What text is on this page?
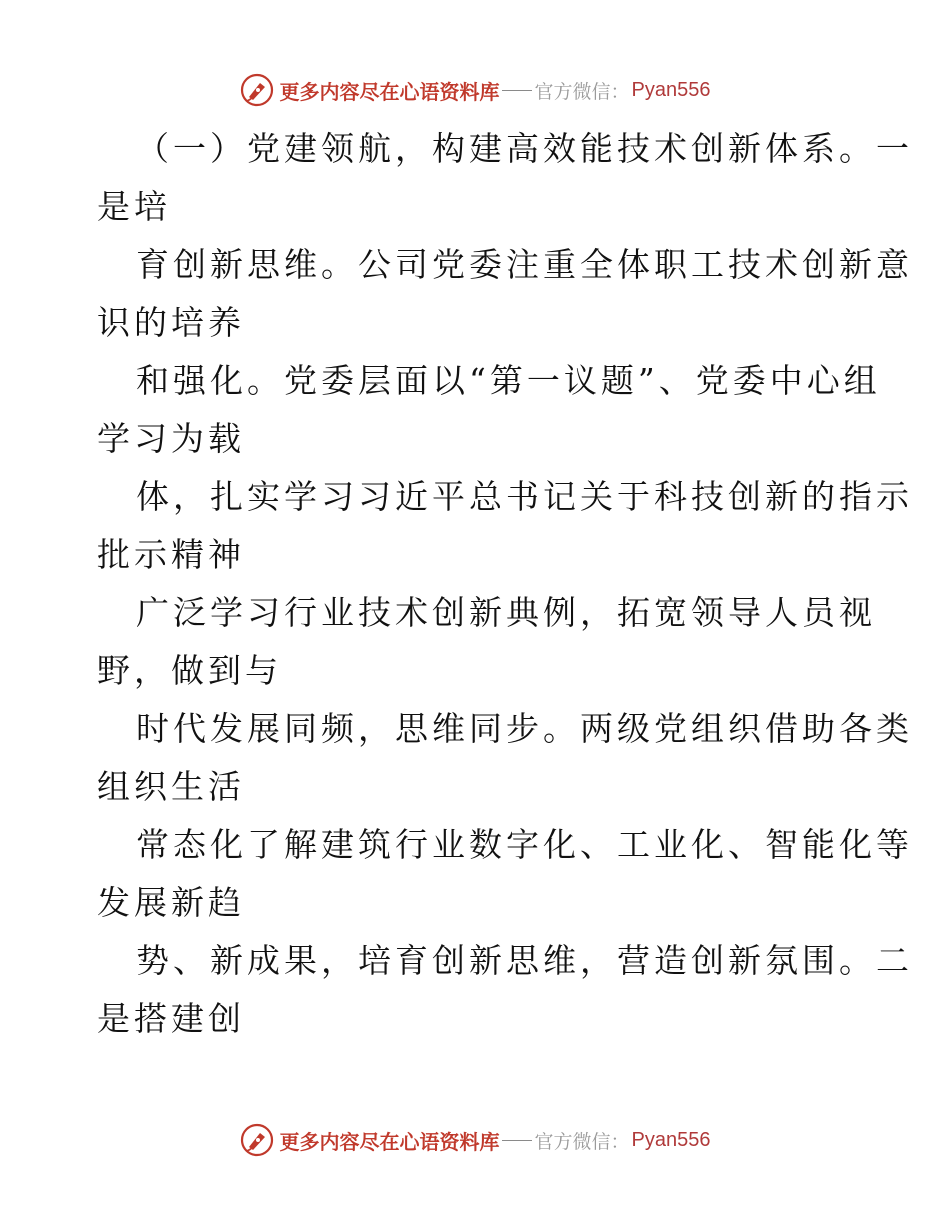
更多内容尽在心语资料库 官方微信： Pyan556
（一）党建领航，构建高效能技术创新体系。一
是培
育创新思维。公司党委注重全体职工技术创新意
识的培养
和强化。党委层面以“第一议题”、党委中心组
学习为载
体，扎实学习习近平总书记关于科技创新的指示
批示精神
广泛学习行业技术创新典例，拓宽领导人员视
野，做到与
时代发展同频，思维同步。两级党组织借助各类
组织生活
常态化了解建筑行业数字化、工业化、智能化等
发展新趋
势、新成果，培育创新思维，营造创新氛围。二
是搭建创
更多内容尽在心语资料库 官方微信： Pyan556
